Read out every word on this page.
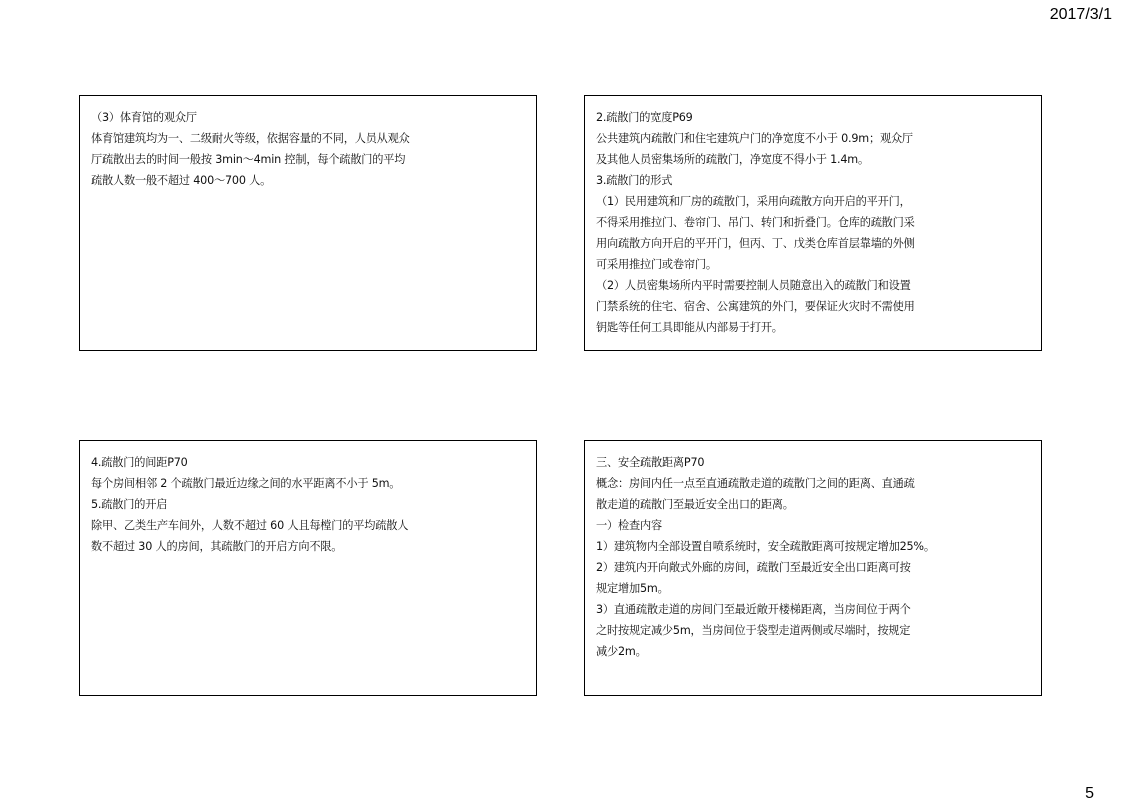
2017/3/1
（3）体育馆的观众厅
体育馆建筑均为一、二级耐火等级，依据容量的不同，人员从观众
厅疏散出去的时间一般按 3min～4min 控制，每个疏散门的平均
疏散人数一般不超过 400～700 人。
2.疏散门的宽度P69
公共建筑内疏散门和住宅建筑户门的净宽度不小于 0.9m；观众厅
及其他人员密集场所的疏散门，净宽度不得小于 1.4m。
3.疏散门的形式
（1）民用建筑和厂房的疏散门，采用向疏散方向开启的平开门，
不得采用推拉门、卷帘门、吊门、转门和折叠门。仓库的疏散门采
用向疏散方向开启的平开门，但丙、丁、戊类仓库首层靠墙的外侧
可采用推拉门或卷帘门。
（2）人员密集场所内平时需要控制人员随意出入的疏散门和设置
门禁系统的住宅、宿舍、公寓建筑的外门，要保证火灾时不需使用
钥匙等任何工具即能从内部易于打开。
4.疏散门的间距P70
每个房间相邻 2 个疏散门最近边缘之间的水平距离不小于 5m。
5.疏散门的开启
除甲、乙类生产车间外，人数不超过 60 人且每樘门的平均疏散人
数不超过 30 人的房间，其疏散门的开启方向不限。
三、安全疏散距离P70
概念：房间内任一点至直通疏散走道的疏散门之间的距离、直通疏
散走道的疏散门至最近安全出口的距离。
一）检查内容
1）建筑物内全部设置自喷系统时，安全疏散距离可按规定增加25%。
2）建筑内开向敞式外廊的房间，疏散门至最近安全出口距离可按
规定增加5m。
3）直通疏散走道的房间门至最近敞开楼梯距离，当房间位于两个
之时按规定减少5m，当房间位于袋型走道两侧或尽端时，按规定
减少2m。
5
